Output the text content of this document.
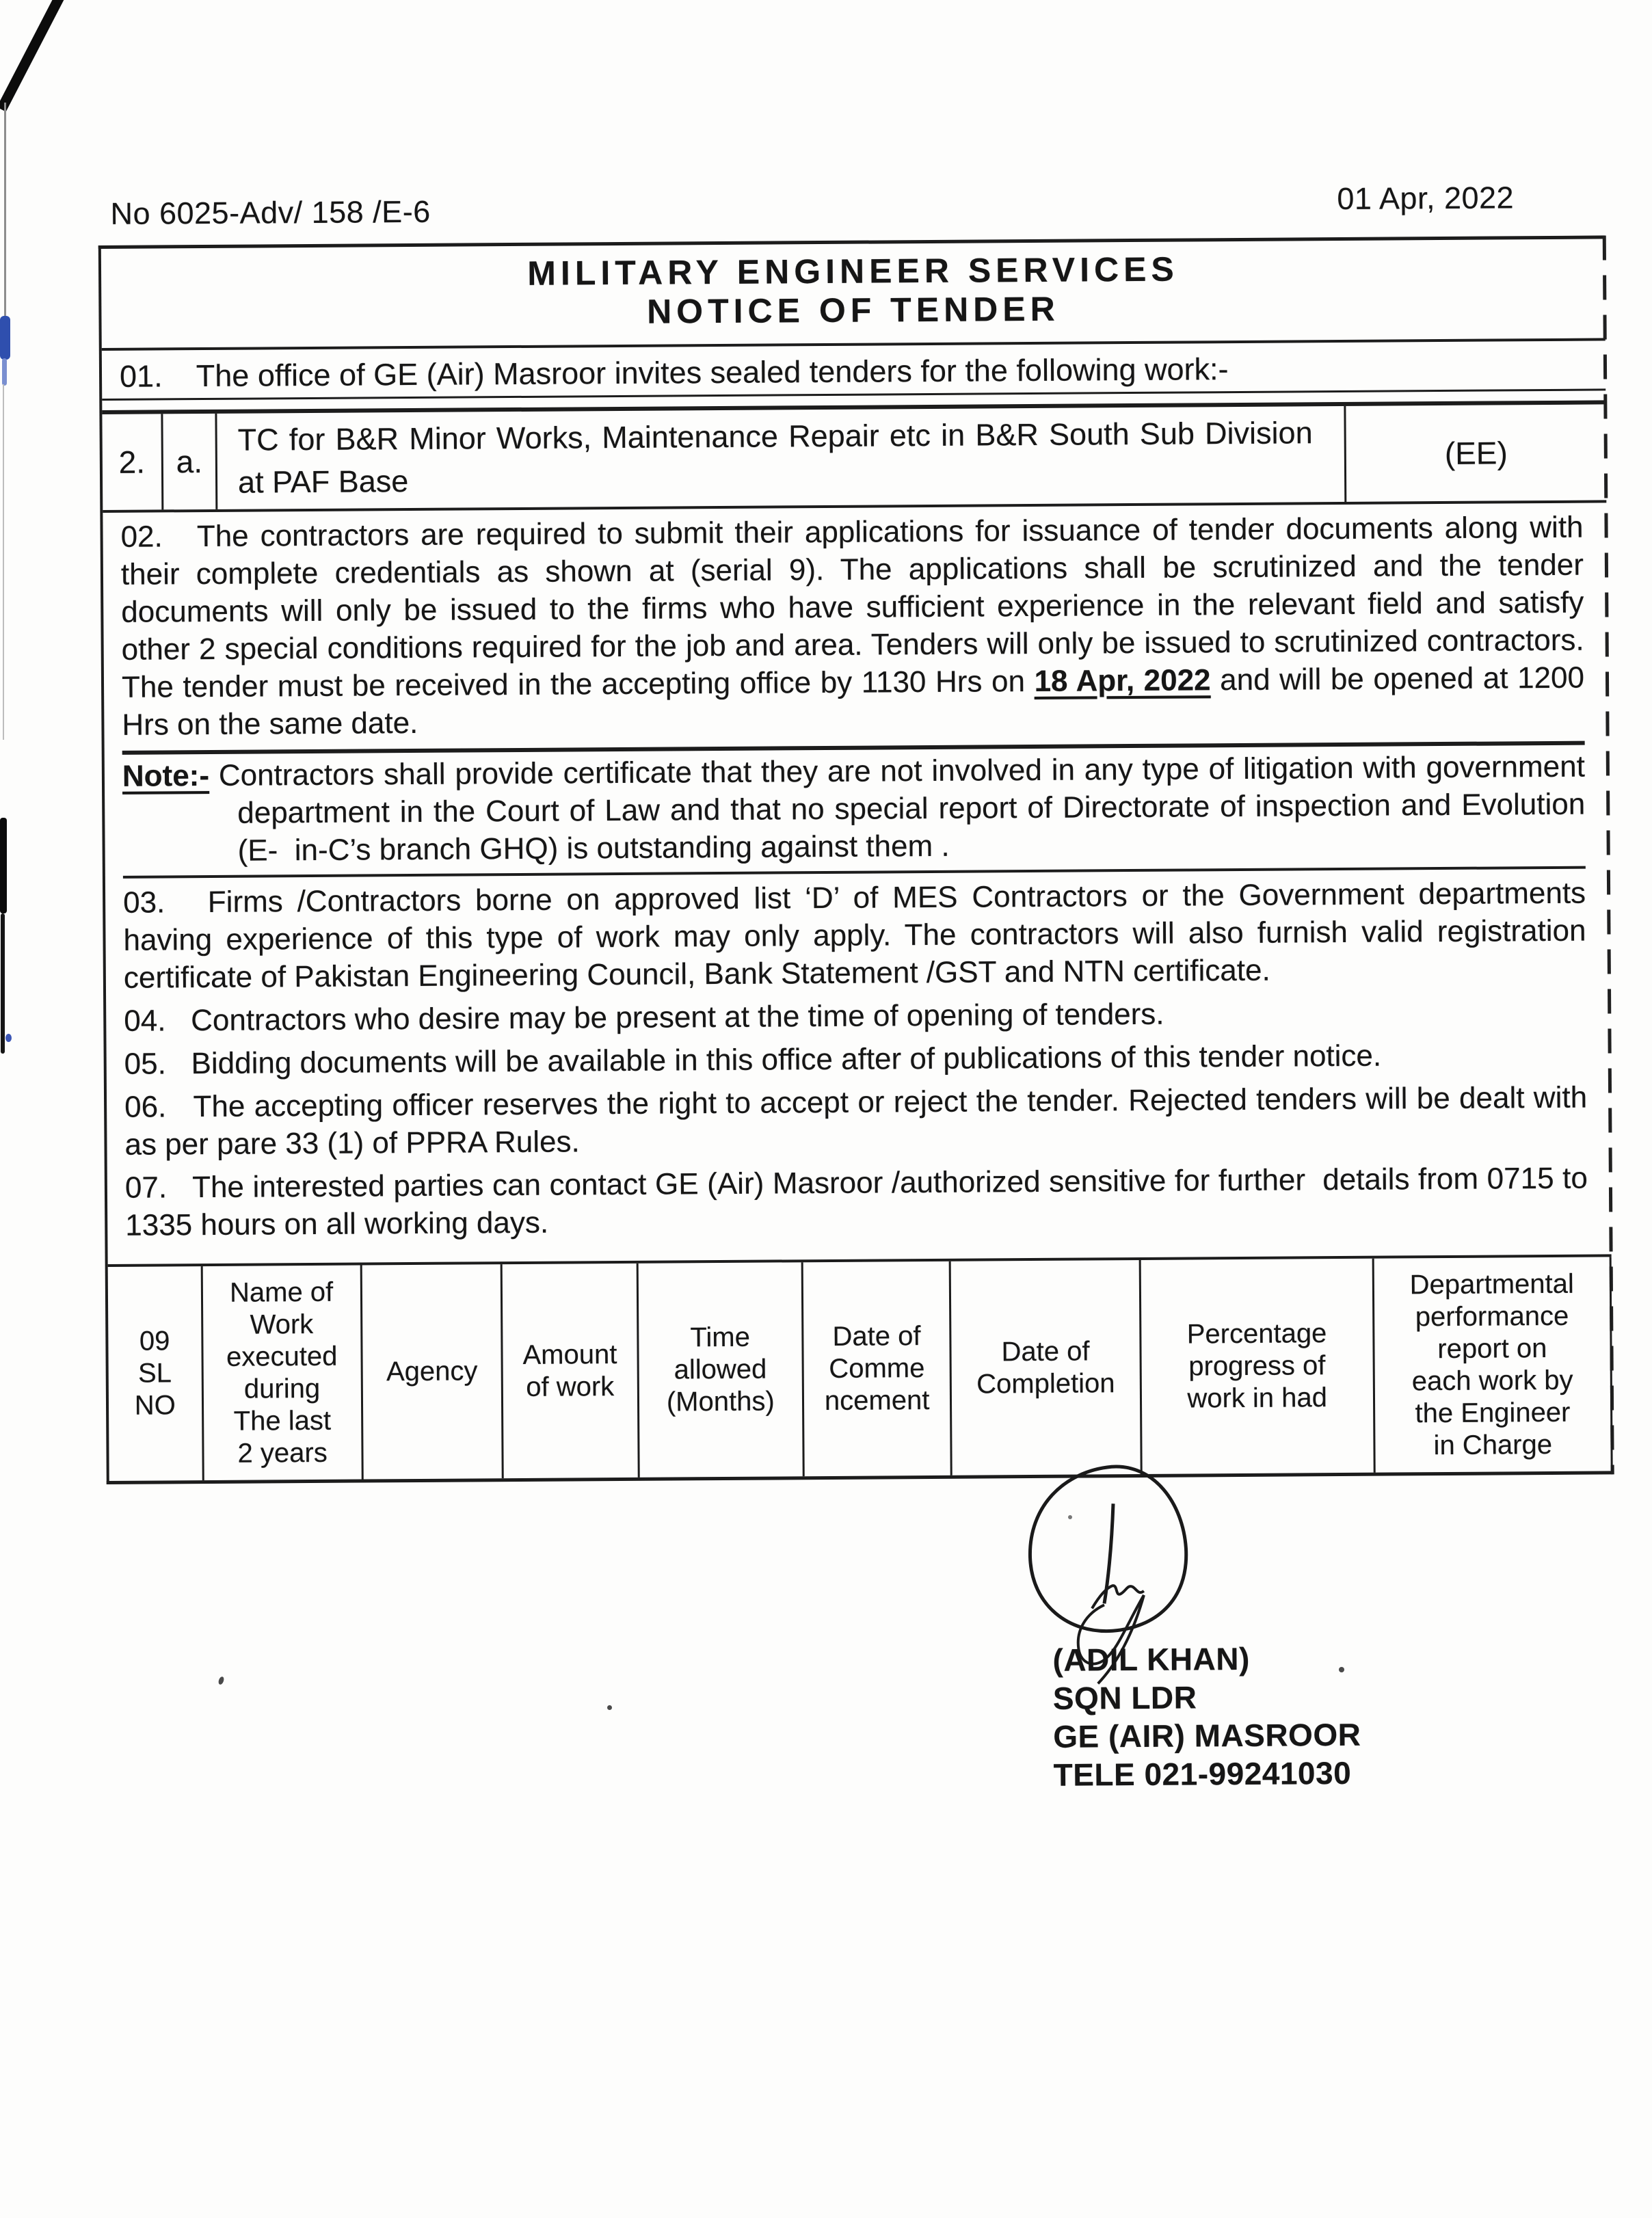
No 6025-Adv/ 158 /E-6	01 Apr, 2022
MILITARY ENGINEER SERVICES
NOTICE OF TENDER
01.    The office of GE (Air) Masroor invites sealed tenders for the following work:-
2. a.
TC for B&R Minor Works, Maintenance Repair etc in B&R South Sub Division at PAF Base
(EE)

02.   The contractors are required to submit their applications for issuance of tender documents along with their complete credentials as shown at (serial 9). The applications shall be scrutinized and the tender documents will only be issued to the firms who have sufficient experience in the relevant field and satisfy other 2 special conditions required for the job and area. Tenders will only be issued to scrutinized contractors. The tender must be received in the accepting office by 1130 Hrs on 18 Apr, 2022 and will be opened at 1200 Hrs on the same date.

Note:- Contractors shall provide certificate that they are not involved in any type of litigation with government department in the Court of Law and that no special report of Directorate of inspection and Evolution (E-  in-C’s branch GHQ) is outstanding against them .

03.   Firms /Contractors borne on approved list ‘D’ of MES Contractors or the Government departments having experience of this type of work may only apply. The contractors will also furnish valid registration certificate of Pakistan Engineering Council, Bank Statement /GST and NTN certificate.

04.   Contractors who desire may be present at the time of opening of tenders.

05.   Bidding documents will be available in this office after of publications of this tender notice.

06.   The accepting officer reserves the right to accept or reject the tender. Rejected tenders will be dealt with as per pare 33 (1) of PPRA Rules.

07.   The interested parties can contact GE (Air) Masroor /authorized sensitive for further  details from 0715 to 1335 hours on all working days.

09
SL
NO
Name of
Work
executed
during
The last
2 years
Agency
Amount
of work
Time
allowed
(Months)
Date of
Comme
ncement
Date of
Completion
Percentage
progress of
work in had
Departmental
performance
report on
each work by
the Engineer
in Charge
(ADIL KHAN)
SQN LDR
GE (AIR) MASROOR
TELE 021-99241030
